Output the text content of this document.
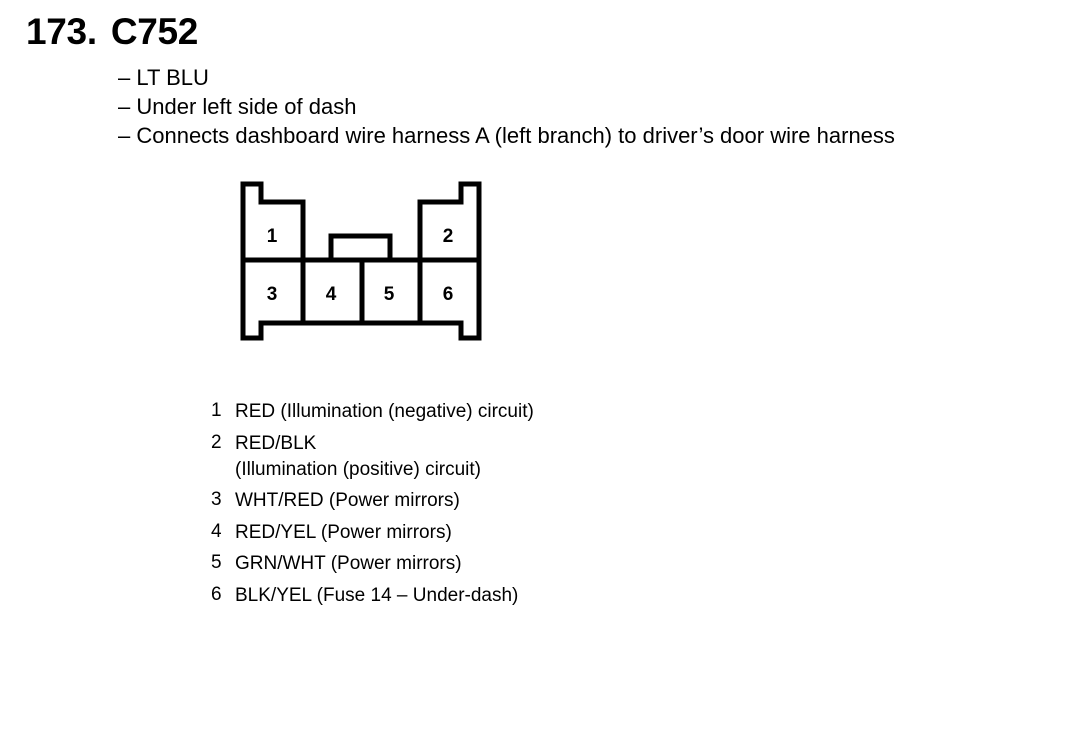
173. C752
– LT BLU
– Under left side of dash
– Connects dashboard wire harness A (left branch) to driver’s door wire harness
1	2
3	4 5	6
1 RED (Illumination (negative) circuit)
2 RED/BLK
(Illumination (positive) circuit)
3 WHT/RED (Power mirrors)
4 RED/YEL (Power mirrors)
5 GRN/WHT (Power mirrors)
6 BLK/YEL (Fuse 14 – Under-dash)
